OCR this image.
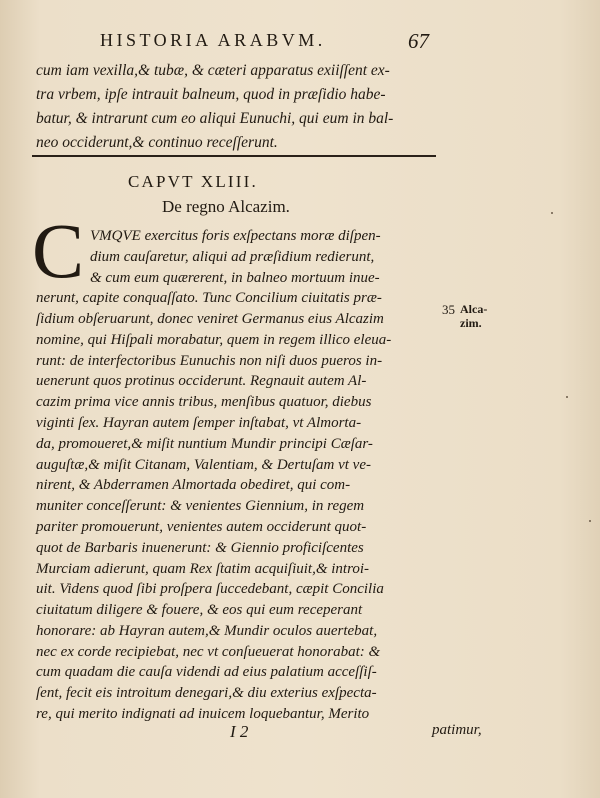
HISTORIA ARABVM.	67
cum iam vexilla,& tubæ, & cæteri apparatus exiiſſent ex-
tra vrbem, ipſe intrauit balneum, quod in præſidio habe-
batur, & intrarunt cum eo aliqui Eunuchi, qui eum in bal-
neo occiderunt,& continuo receſſerunt.
CAPVT XLIII.
De regno Alcazim.
C VMQVE exercitus foris exſpectans moræ diſpen-
dium cauſaretur, aliqui ad præſidium redierunt,
& cum eum quærerent, in balneo mortuum inue-
nerunt, capite conquaſſato. Tunc Concilium ciuitatis præ-
ſidium obſeruarunt, donec veniret Germanus eius Alcazim
nomine, qui Hiſpali morabatur, quem in regem illico eleua-
runt: de interfectoribus Eunuchis non niſi duos pueros in-
uenerunt quos protinus occiderunt. Regnauit autem Al-
cazim prima vice annis tribus, menſibus quatuor, diebus
viginti ſex. Hayran autem ſemper inſtabat, vt Almorta-
da, promoueret,& miſit nuntium Mundir principi Cæſar-
auguſtæ,& miſit Citanam, Valentiam, & Dertuſam vt ve-
nirent, & Abderramen Almortada obediret, qui com-
muniter conceſſerunt: & venientes Giennium, in regem
pariter promouerunt, venientes autem occiderunt quot-
quot de Barbaris inuenerunt: & Giennio proficiſcentes
Murciam adierunt, quam Rex ſtatim acquiſiuit,& introi-
uit. Videns quod ſibi proſpera ſuccedebant, cæpit Concilia
ciuitatum diligere & fouere, & eos qui eum receperant
honorare: ab Hayran autem,& Mundir oculos auertebat,
nec ex corde recipiebat, nec vt conſueuerat honorabat: &
cum quadam die cauſa videndi ad eius palatium acceſſiſ-
ſent, fecit eis introitum denegari,& diu exterius exſpecta-
re, qui merito indignati ad inuicem loquebantur, Merito
35 Alca-
zim.
I 2	patimur,
